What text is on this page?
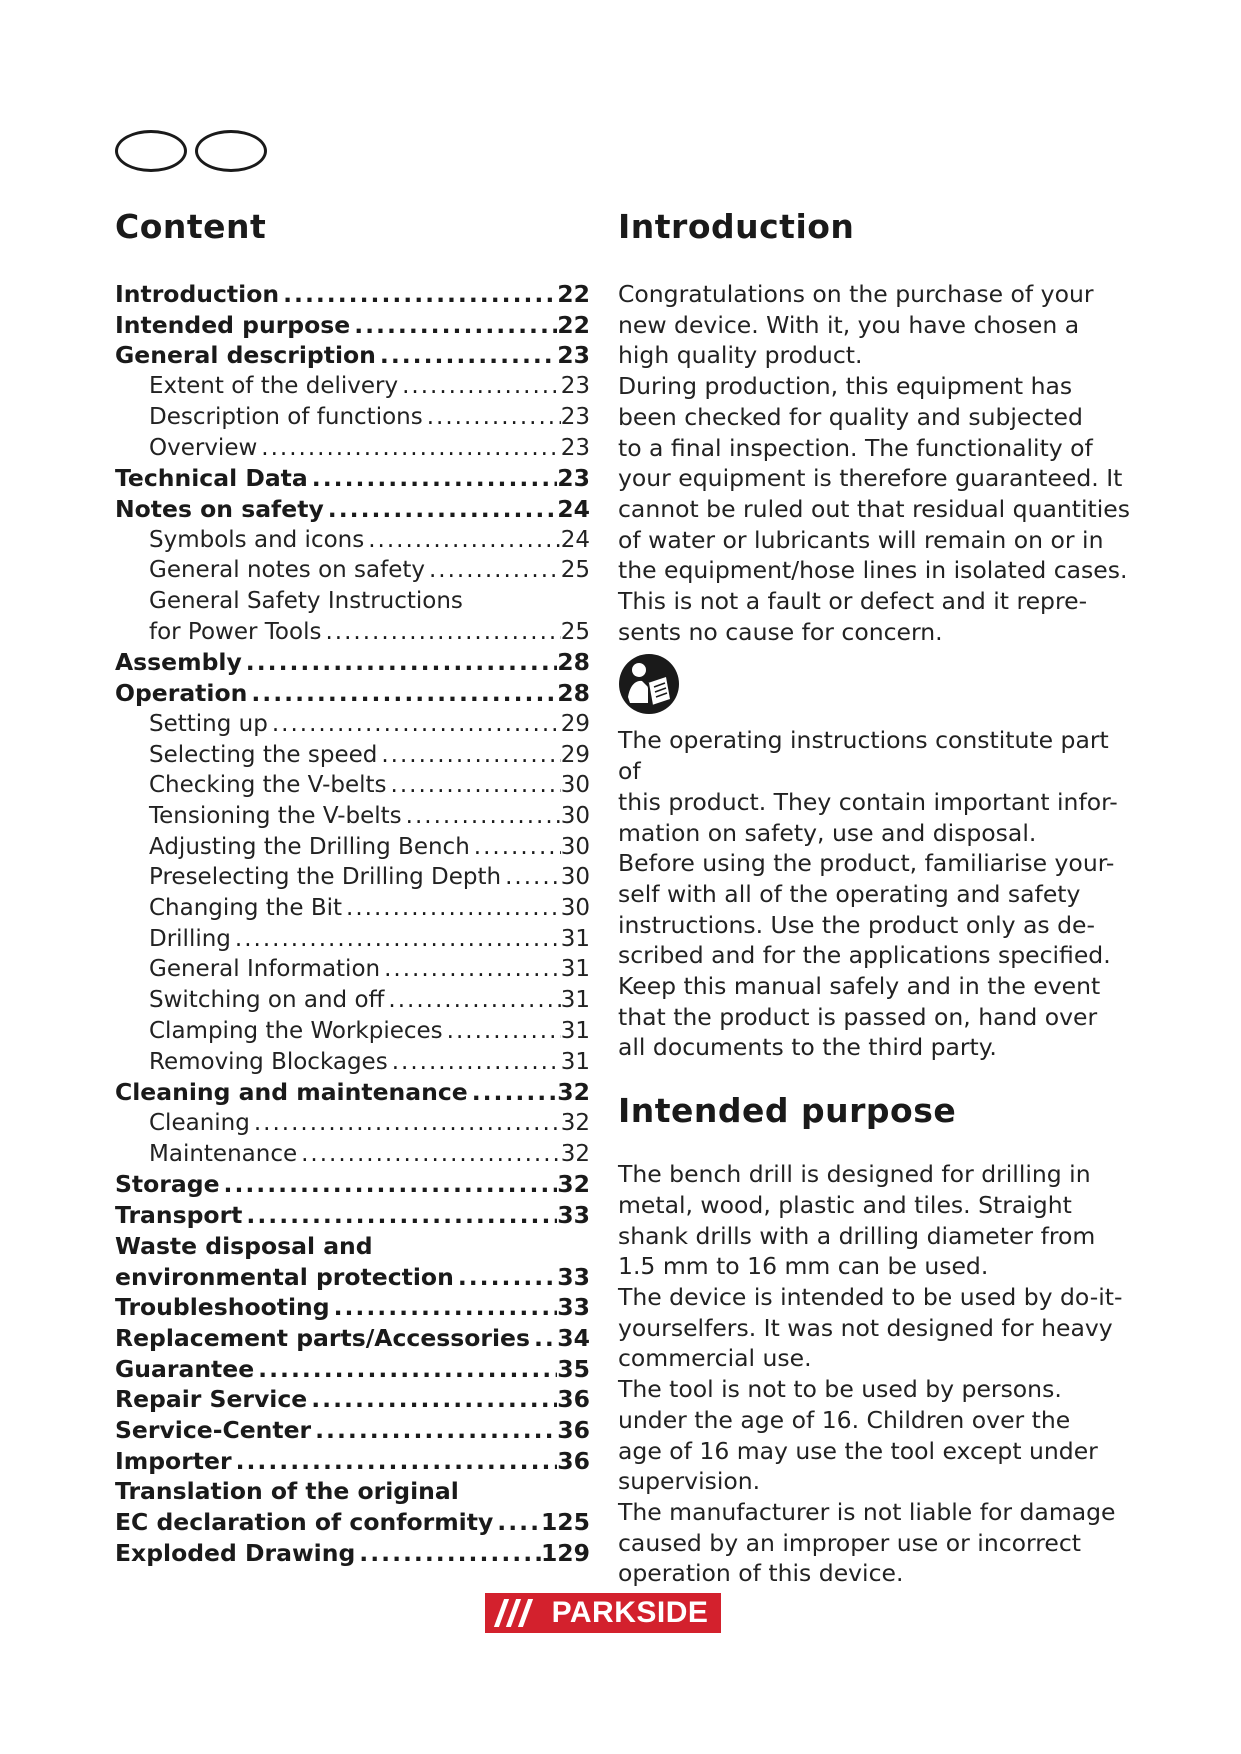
Content
Introduction .....	22
Intended purpose .....	22
General description .....	23
Extent of the delivery .....	23
Description of functions .....	23
Overview .....	23
Technical Data .....	23
Notes on safety .....	24
Symbols and icons .....	24
General notes on safety .....	25
General Safety Instructions
for Power Tools .....	25
Assembly .....	28
Operation .....	28
Setting up .....	29
Selecting the speed .....	29
Checking the V-belts .....	30
Tensioning the V-belts .....	30
Adjusting the Drilling Bench .....	30
Preselecting the Drilling Depth .....	30
Changing the Bit .....	30
Drilling .....	31
General Information .....	31
Switching on and off .....	31
Clamping the Workpieces .....	31
Removing Blockages .....	31
Cleaning and maintenance .....	32
Cleaning .....	32
Maintenance .....	32
Storage .....	32
Transport .....	33
Waste disposal and
environmental protection .....	33
Troubleshooting .....	33
Replacement parts/Accessories ..... 34
Guarantee .....	35
Repair Service .....	36
Service-Center .....	36
Importer .....	36
Translation of the original
EC declaration of conformity ..... 125
Exploded Drawing .....	129
Introduction

Congratulations on the purchase of your

new device. With it, you have chosen a

high quality product.

During production, this equipment has

been checked for quality and subjected

to a final inspection. The functionality of

your equipment is therefore guaranteed. It

cannot be ruled out that residual quantities

of water or lubricants will remain on or in

the equipment/hose lines in isolated cases.

This is not a fault or defect and it repre-

sents no cause for concern.

The operating instructions constitute part of

this product. They contain important infor-

mation on safety, use and disposal.

Before using the product, familiarise your-

self with all of the operating and safety

instructions. Use the product only as de-

scribed and for the applications specified.

Keep this manual safely and in the event

that the product is passed on, hand over

all documents to the third party.

Intended purpose

The bench drill is designed for drilling in

metal, wood, plastic and tiles. Straight

shank drills with a drilling diameter from

1.5 mm to 16 mm can be used.

The device is intended to be used by do-it-

yourselfers. It was not designed for heavy

commercial use.

The tool is not to be used by persons.

under the age of 16. Children over the

age of 16 may use the tool except under

supervision.

The manufacturer is not liable for damage

caused by an improper use or incorrect

operation of this device.

PARKSIDE
